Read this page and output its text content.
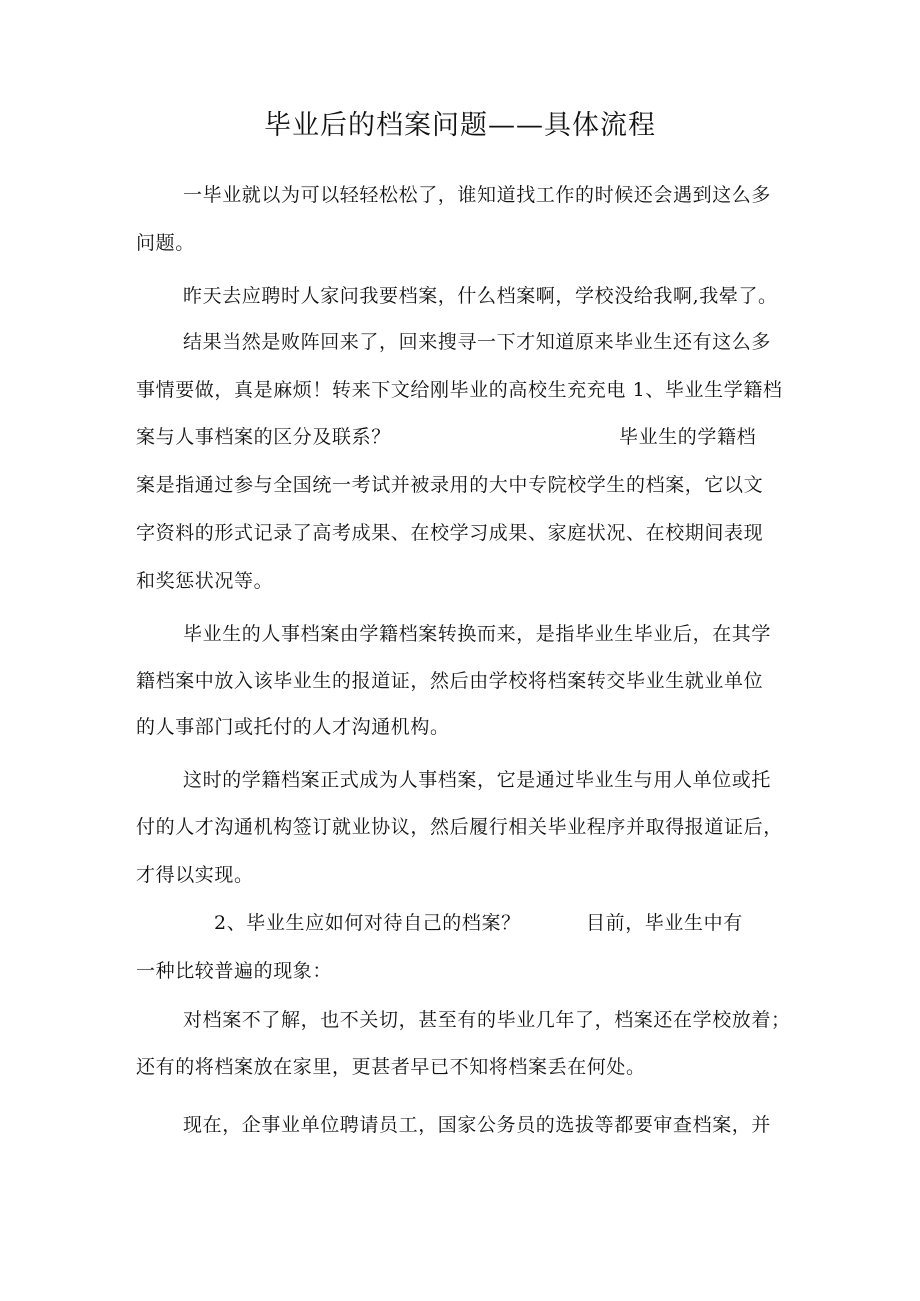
毕业后的档案问题——具体流程
一毕业就以为可以轻轻松松了，谁知道找工作的时候还会遇到这么多
问题。
昨天去应聘时人家问我要档案，什么档案啊，学校没给我啊,我晕了。
结果当然是败阵回来了，回来搜寻一下才知道原来毕业生还有这么多
事情要做，真是麻烦！转来下文给刚毕业的高校生充充电 1、毕业生学籍档
案与人事档案的区分及联系？	毕业生的学籍档
案是指通过参与全国统一考试并被录用的大中专院校学生的档案，它以文
字资料的形式记录了高考成果、在校学习成果、家庭状况、在校期间表现
和奖惩状况等。
毕业生的人事档案由学籍档案转换而来，是指毕业生毕业后，在其学
籍档案中放入该毕业生的报道证，然后由学校将档案转交毕业生就业单位
的人事部门或托付的人才沟通机构。
这时的学籍档案正式成为人事档案，它是通过毕业生与用人单位或托
付的人才沟通机构签订就业协议，然后履行相关毕业程序并取得报道证后，
才得以实现。
2、毕业生应如何对待自己的档案？	目前，毕业生中有
一种比较普遍的现象：
对档案不了解，也不关切，甚至有的毕业几年了，档案还在学校放着；
还有的将档案放在家里，更甚者早已不知将档案丢在何处。
现在，企事业单位聘请员工，国家公务员的选拔等都要审查档案，并
